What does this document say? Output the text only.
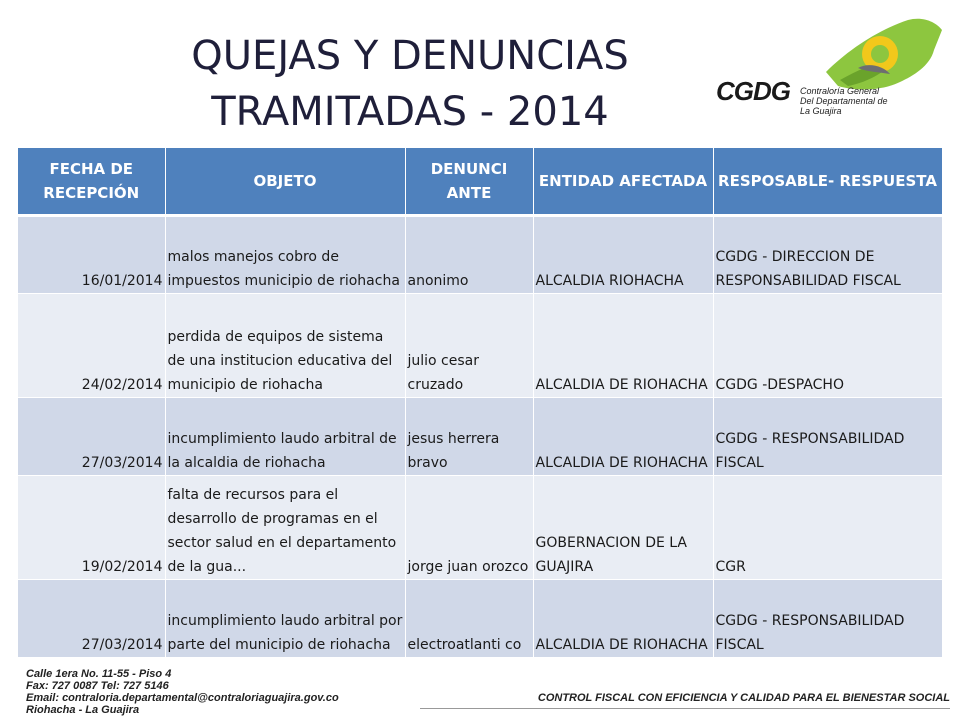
QUEJAS Y DENUNCIAS
TRAMITADAS - 2014	CGDG Contraloría General
Del Departamental de
La Guajira
FECHA DE RECEPCIÓN	OBJETO	DENUNCI ANTE	ENTIDAD AFECTADA	RESPOSABLE- RESPUESTA
16/01/2014	malos manejos cobro de impuestos municipio de riohacha	anonimo	ALCALDIA RIOHACHA	CGDG - DIRECCION DE RESPONSABILIDAD FISCAL
24/02/2014	perdida de equipos de sistema de una institucion educativa del municipio de riohacha	julio cesar cruzado	ALCALDIA DE RIOHACHA	CGDG -DESPACHO
27/03/2014	incumplimiento laudo arbitral de la alcaldia de riohacha	jesus herrera bravo	ALCALDIA DE RIOHACHA	CGDG - RESPONSABILIDAD FISCAL
19/02/2014	falta de recursos para el desarrollo de programas en el sector salud en el departamento de la gua...	jorge juan orozco	GOBERNACION DE LA GUAJIRA	CGR
27/03/2014	incumplimiento laudo arbitral por parte del municipio de riohacha	electroatlanti co	ALCALDIA DE RIOHACHA	CGDG - RESPONSABILIDAD FISCAL
Calle 1era No. 11-55 - Piso 4
Fax: 727 0087 Tel: 727 5146
Email: contraloria.departamental@contraloriaguajira.gov.co
Riohacha - La Guajira
CONTROL FISCAL CON EFICIENCIA Y CALIDAD PARA EL BIENESTAR SOCIAL
